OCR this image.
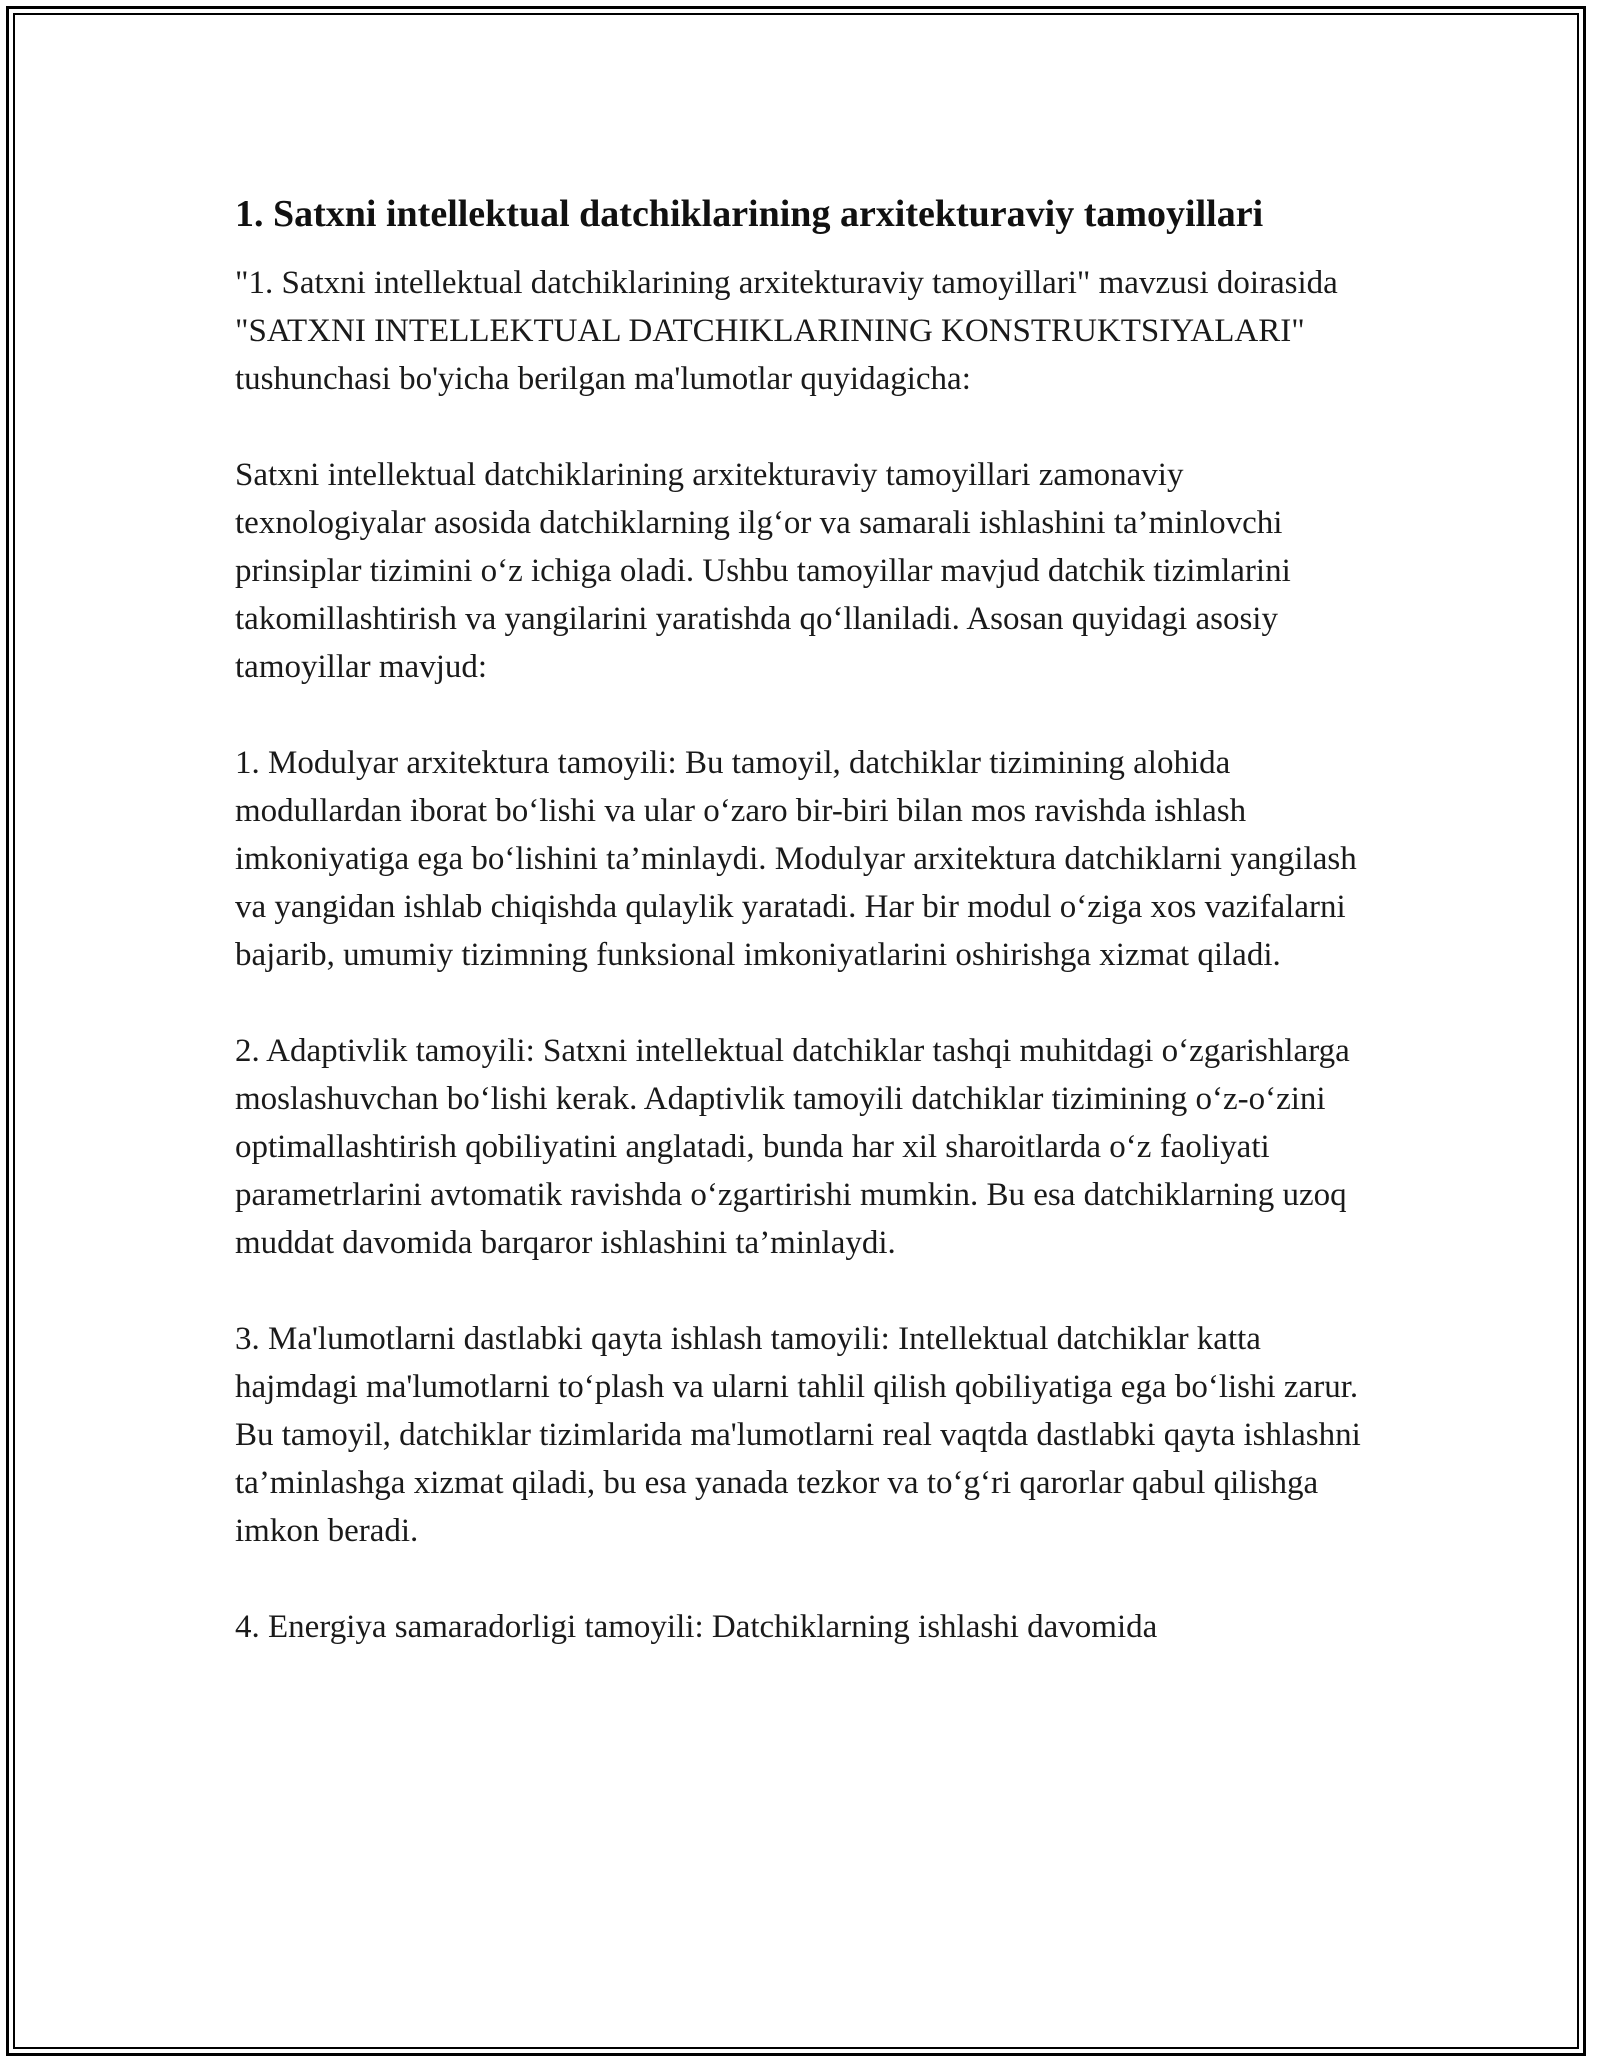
1. Satxni intellektual datchiklarining arxitekturaviy tamoyillari

"1. Satxni intellektual datchiklarining arxitekturaviy tamoyillari" mavzusi doirasida "SATXNI INTELLEKTUAL DATCHIKLARINING KONSTRUKTSIYALARI" tushunchasi bo'yicha berilgan ma'lumotlar quyidagicha:

Satxni intellektual datchiklarining arxitekturaviy tamoyillari zamonaviy texnologiyalar asosida datchiklarning ilg‘or va samarali ishlashini ta’minlovchi prinsiplar tizimini o‘z ichiga oladi. Ushbu tamoyillar mavjud datchik tizimlarini takomillashtirish va yangilarini yaratishda qo‘llaniladi. Asosan quyidagi asosiy tamoyillar mavjud:

1. Modulyar arxitektura tamoyili: Bu tamoyil, datchiklar tizimining alohida modullardan iborat bo‘lishi va ular o‘zaro bir-biri bilan mos ravishda ishlash imkoniyatiga ega bo‘lishini ta’minlaydi. Modulyar arxitektura datchiklarni yangilash va yangidan ishlab chiqishda qulaylik yaratadi. Har bir modul o‘ziga xos vazifalarni bajarib, umumiy tizimning funksional imkoniyatlarini oshirishga xizmat qiladi.

2. Adaptivlik tamoyili: Satxni intellektual datchiklar tashqi muhitdagi o‘zgarishlarga moslashuvchan bo‘lishi kerak. Adaptivlik tamoyili datchiklar tizimining o‘z-o‘zini optimallashtirish qobiliyatini anglatadi, bunda har xil sharoitlarda o‘z faoliyati parametrlarini avtomatik ravishda o‘zgartirishi mumkin. Bu esa datchiklarning uzoq muddat davomida barqaror ishlashini ta’minlaydi.

3. Ma'lumotlarni dastlabki qayta ishlash tamoyili: Intellektual datchiklar katta hajmdagi ma'lumotlarni to‘plash va ularni tahlil qilish qobiliyatiga ega bo‘lishi zarur. Bu tamoyil, datchiklar tizimlarida ma'lumotlarni real vaqtda dastlabki qayta ishlashni ta’minlashga xizmat qiladi, bu esa yanada tezkor va to‘g‘ri qarorlar qabul qilishga imkon beradi.

4. Energiya samaradorligi tamoyili: Datchiklarning ishlashi davomida
